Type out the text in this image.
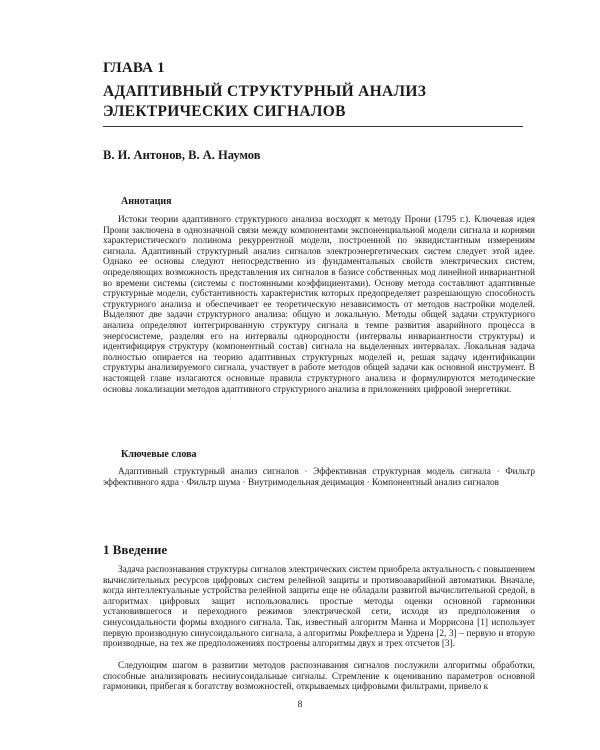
ГЛАВА 1
АДАПТИВНЫЙ СТРУКТУРНЫЙ АНАЛИЗ ЭЛЕКТРИЧЕСКИХ СИГНАЛОВ
В. И. Антонов, В. А. Наумов
Аннотация

Истоки теории адаптивного структурного анализа восходят к методу Прони (1795 г.). Ключевая идея Прони заключена в однозначной связи между компонентами экспоненциальной модели сигнала и корнями характеристического полинома рекуррентной модели, построенной по эквидистантным измерениям сигнала. Адаптивный структурный анализ сигналов электроэнергетических систем следует этой идее. Однако ее основы следуют непосредственно из фундаментальных свойств электрических систем, определяющих возможность представления их сигналов в базисе собственных мод линейной инвариантной во времени системы (системы с постоянными коэффициентами). Основу метода составляют адаптивные структурные модели, субстантивность характеристик которых предопределяет разрешающую способность структурного анализа и обеспечивает ее теоретическую независимость от методов настройки моделей. Выделяют две задачи структурного анализа: общую и локальную. Методы общей задачи структурного анализа определяют интегрированную структуру сигнала в темпе развития аварийного процесса в энергосистеме, разделяя его на интервалы однородности (интервалы инвариантности структуры) и идентифицируя структуру (компонентный состав) сигнала на выделенных интервалах. Локальная задача полностью опирается на теорию адаптивных структурных моделей и, решая задачу идентификации структуры анализируемого сигнала, участвует в работе методов общей задачи как основной инструмент. В настоящей главе излагаются основные правила структурного анализа и формулируются методические основы локализации методов адаптивного структурного анализа в приложениях цифровой энергетики.

Ключевые слова

Адаптивный структурный анализ сигналов · Эффективная структурная модель сигнала · Фильтр эффективного ядра · Фильтр шума · Внутримодельная децимация · Компонентный анализ сигналов

1 Введение

Задача распознавания структуры сигналов электрических систем приобрела актуальность с повышением вычислительных ресурсов цифровых систем релейной защиты и противоаварийной автоматики. Вначале, когда интеллектуальные устройства релейной защиты еще не обладали развитой вычислительной средой, в алгоритмах цифровых защит использовались простые методы оценки основной гармоники установившегося и переходного режимов электрической сети, исходя из предположения о синусоидальности формы входного сигнала. Так, известный алгоритм Манна и Моррисона [1] использует первую производную синусоидального сигнала, а алгоритмы Рокфеллера и Удрена [2, 3] – первую и вторую производные, на тех же предположениях построены алгоритмы двух и трех отсчетов [3].

Следующим шагом в развитии методов распознавания сигналов послужили алгоритмы обработки, способные анализировать несинусоидальные сигналы. Стремление к оцениванию параметров основной гармоники, прибегая к богатству возможностей, открываемых цифровыми фильтрами, привело к

8
